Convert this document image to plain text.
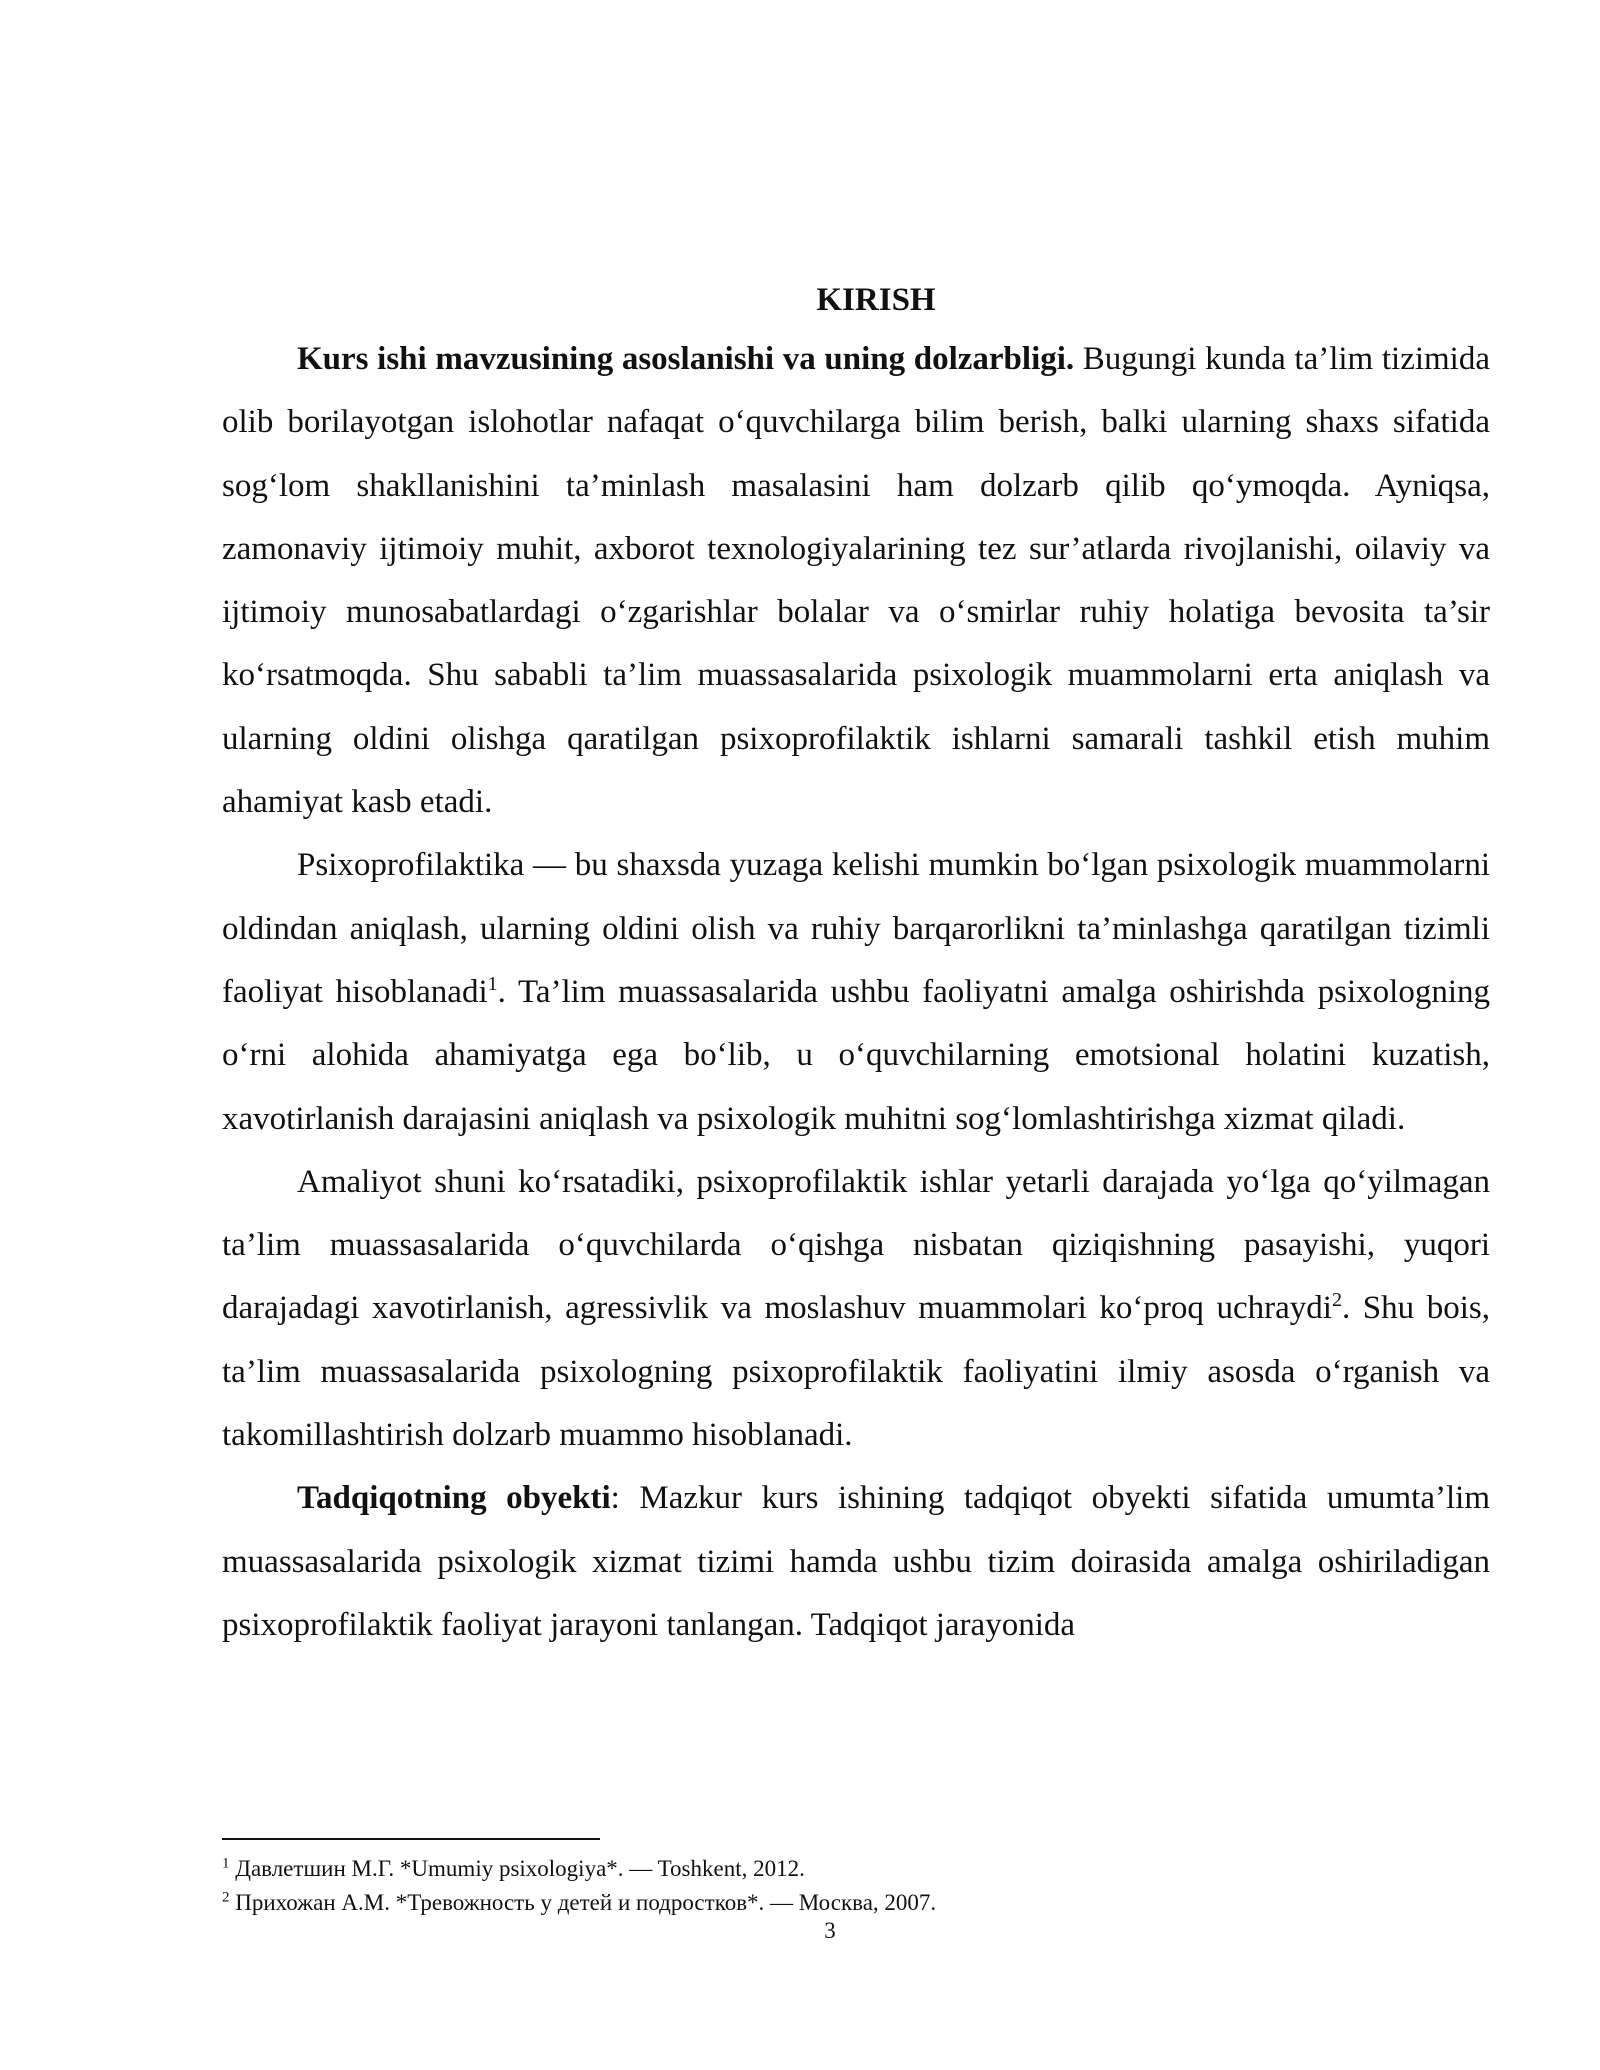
KIRISH

Kurs ishi mavzusining asoslanishi va uning dolzarbligi. Bugungi kunda ta’lim tizimida olib borilayotgan islohotlar nafaqat o‘quvchilarga bilim berish, balki ularning shaxs sifatida sog‘lom shakllanishini ta’minlash masalasini ham dolzarb qilib qo‘ymoqda. Ayniqsa, zamonaviy ijtimoiy muhit, axborot texnologiyalarining tez sur’atlarda rivojlanishi, oilaviy va ijtimoiy munosabatlardagi o‘zgarishlar bolalar va o‘smirlar ruhiy holatiga bevosita ta’sir ko‘rsatmoqda. Shu sababli ta’lim muassasalarida psixologik muammolarni erta aniqlash va ularning oldini olishga qaratilgan psixoprofilaktik ishlarni samarali tashkil etish muhim ahamiyat kasb etadi.

Psixoprofilaktika — bu shaxsda yuzaga kelishi mumkin bo‘lgan psixologik muammolarni oldindan aniqlash, ularning oldini olish va ruhiy barqarorlikni ta’minlashga qaratilgan tizimli faoliyat hisoblanadi$^1$. Ta’lim muassasalarida ushbu faoliyatni amalga oshirishda psixologning o‘rni alohida ahamiyatga ega bo‘lib, u o‘quvchilarning emotsional holatini kuzatish, xavotirlanish darajasini aniqlash va psixologik muhitni sog‘lomlashtirishga xizmat qiladi.

Amaliyot shuni ko‘rsatadiki, psixoprofilaktik ishlar yetarli darajada yo‘lga qo‘yilmagan ta’lim muassasalarida o‘quvchilarda o‘qishga nisbatan qiziqishning pasayishi, yuqori darajadagi xavotirlanish, agressivlik va moslashuv muammolari ko‘proq uchraydi$^2$. Shu bois, ta’lim muassasalarida psixologning psixoprofilaktik faoliyatini ilmiy asosda o‘rganish va takomillashtirish dolzarb muammo hisoblanadi.

Tadqiqotning obyekti: Mazkur kurs ishining tadqiqot obyekti sifatida umumta’lim muassasalarida psixologik xizmat tizimi hamda ushbu tizim doirasida amalga oshiriladigan psixoprofilaktik faoliyat jarayoni tanlangan. Tadqiqot jarayonida

$^1$ Давлетшин М.Г. *Umumiy psixologiya*. — Toshkent, 2012.

$^2$ Прихожан А.М. *Тревожность у детей и подростков*. — Москва, 2007.

3
